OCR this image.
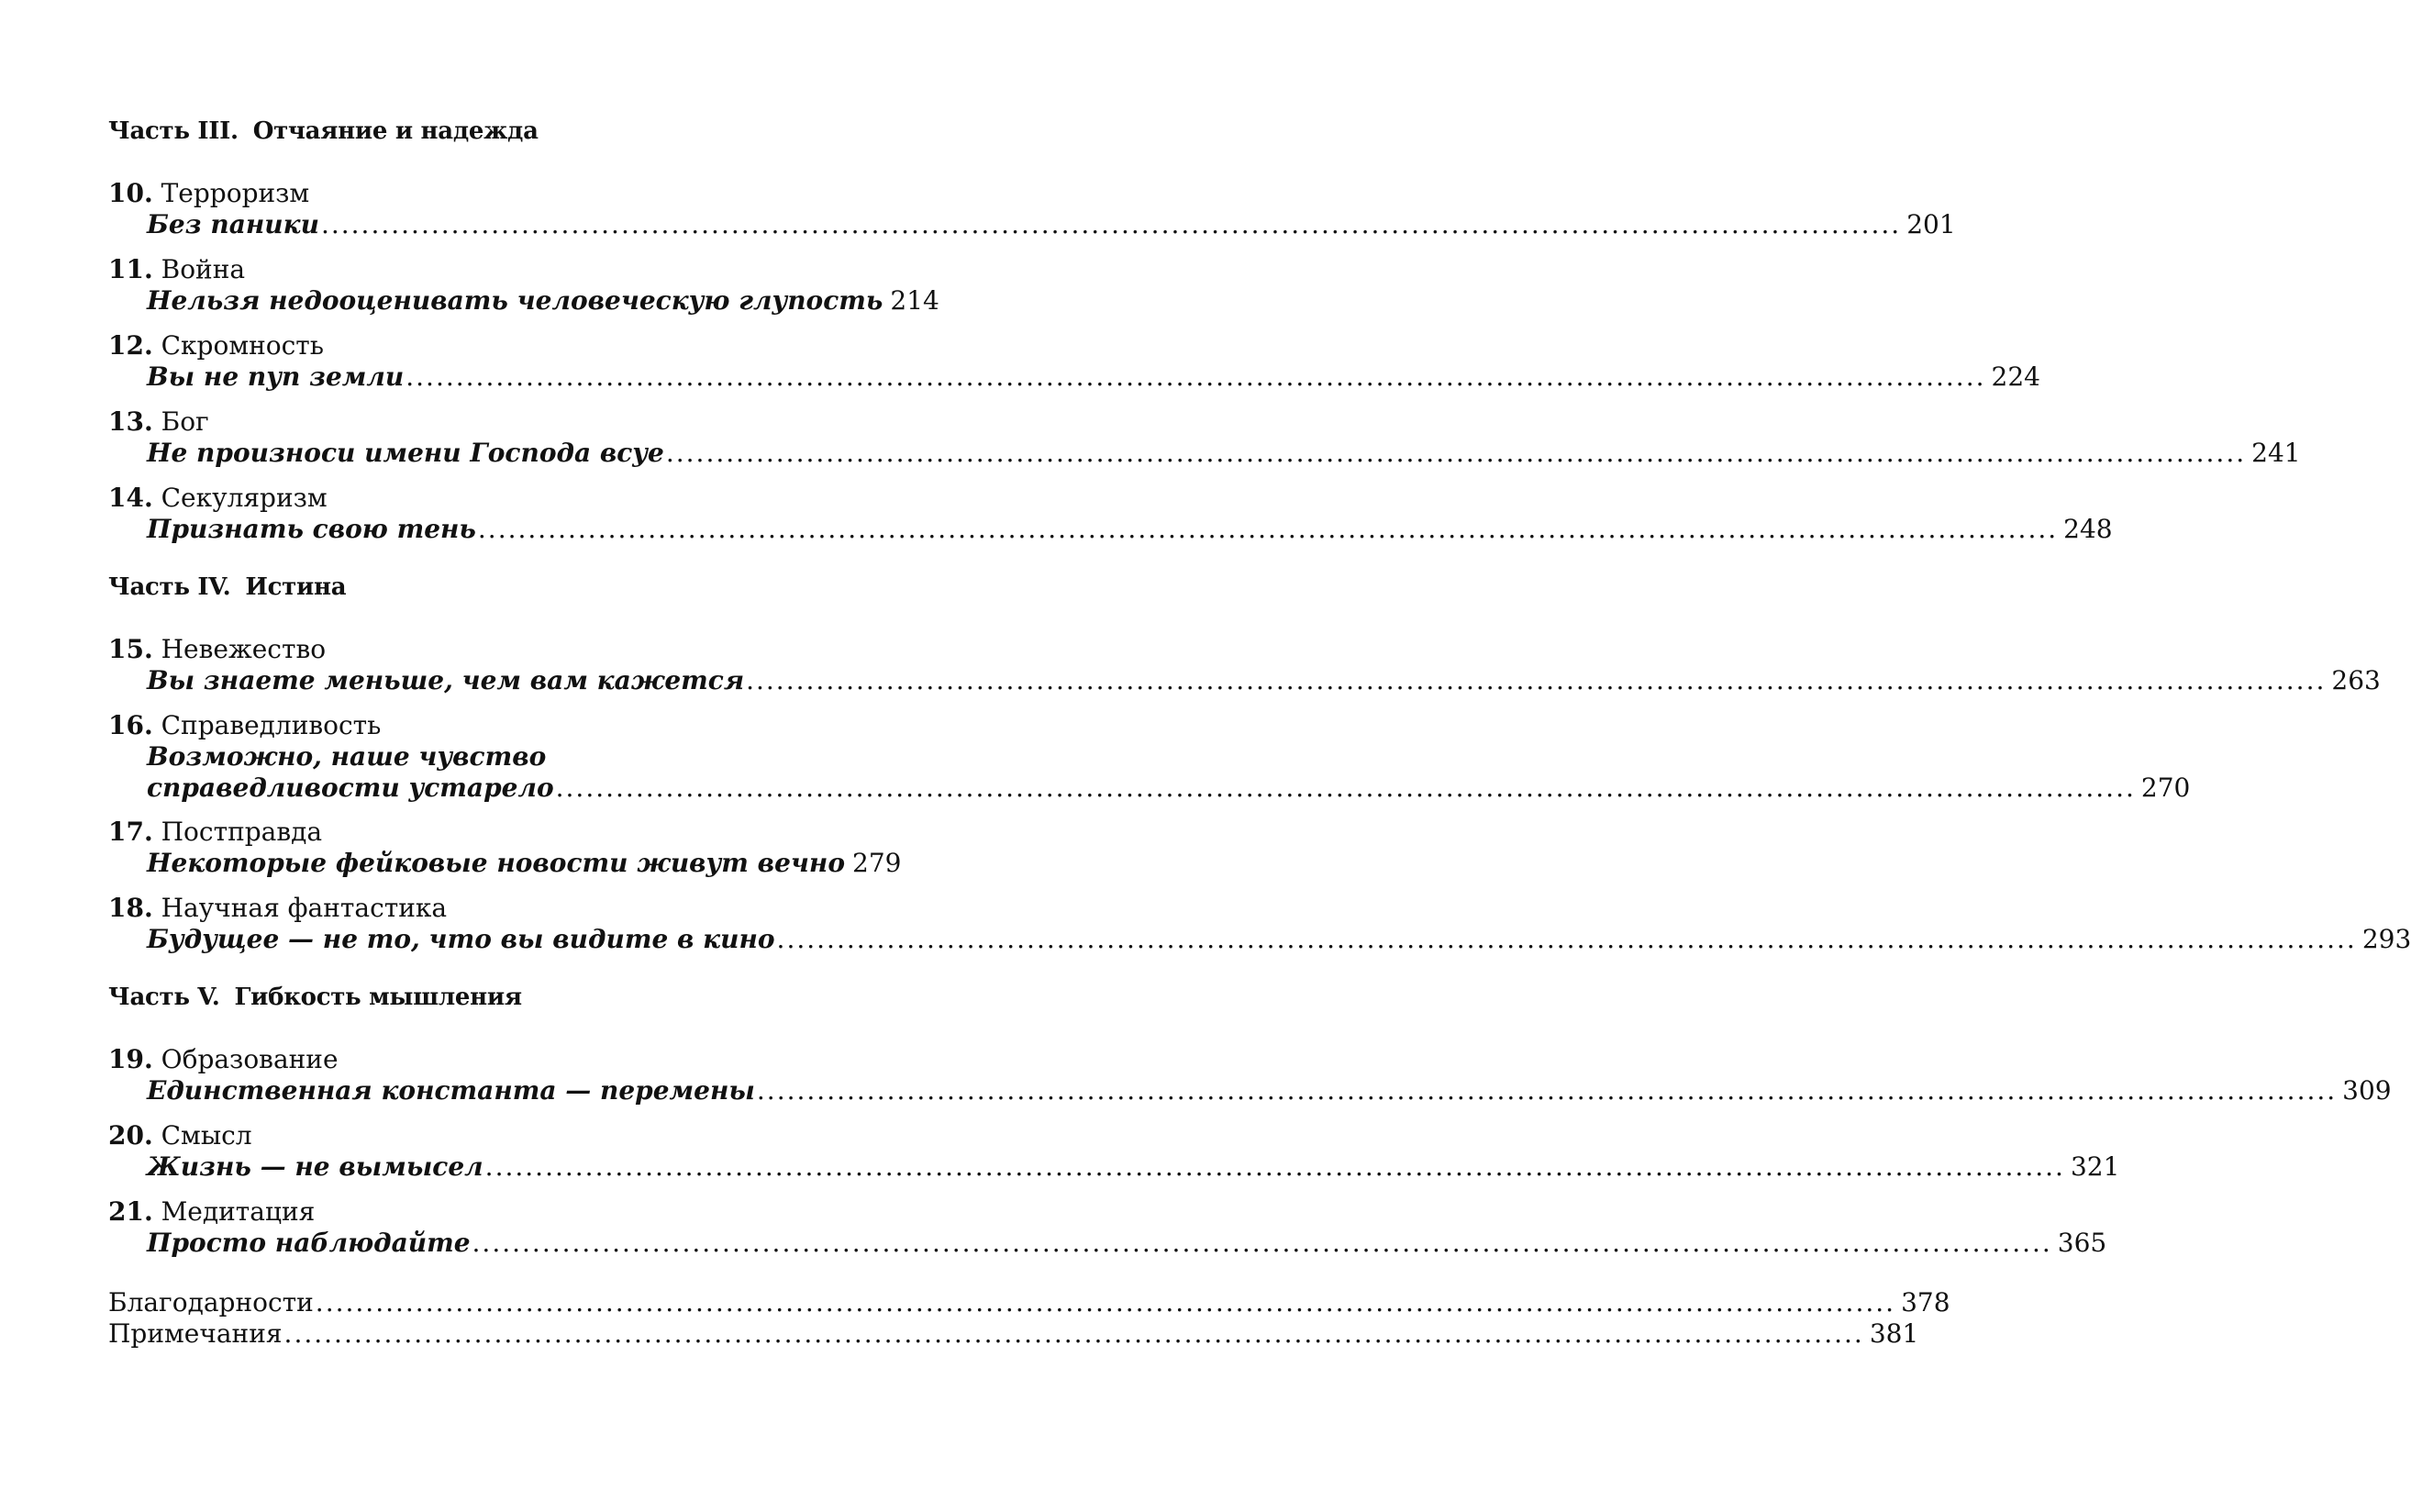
Часть III. Отчаяние и надежда
10. Терроризм
Без паники .....	201
11. Война
Нельзя недооценивать человеческую глупость 214
12. Скромность
Вы не пуп земли .....	224
13. Бог
Не произноси имени Господа всуе .....	241
14. Секуляризм
Признать свою тень .....	248
Часть IV. Истина
15. Невежество
Вы знаете меньше, чем вам кажется .....	263
16. Справедливость
Возможно, наше чувство
справедливости устарело .....	270
17. Постправда
Некоторые фейковые новости живут вечно 279
18. Научная фантастика
Будущее — не то, что вы видите в кино .....	293
Часть V. Гибкость мышления
19. Образование
Единственная константа — перемены .....	309
20. Смысл
Жизнь — не вымысел .....	321
21. Медитация
Просто наблюдайте .....	365
Благодарности .....	378
Примечания .....	381
